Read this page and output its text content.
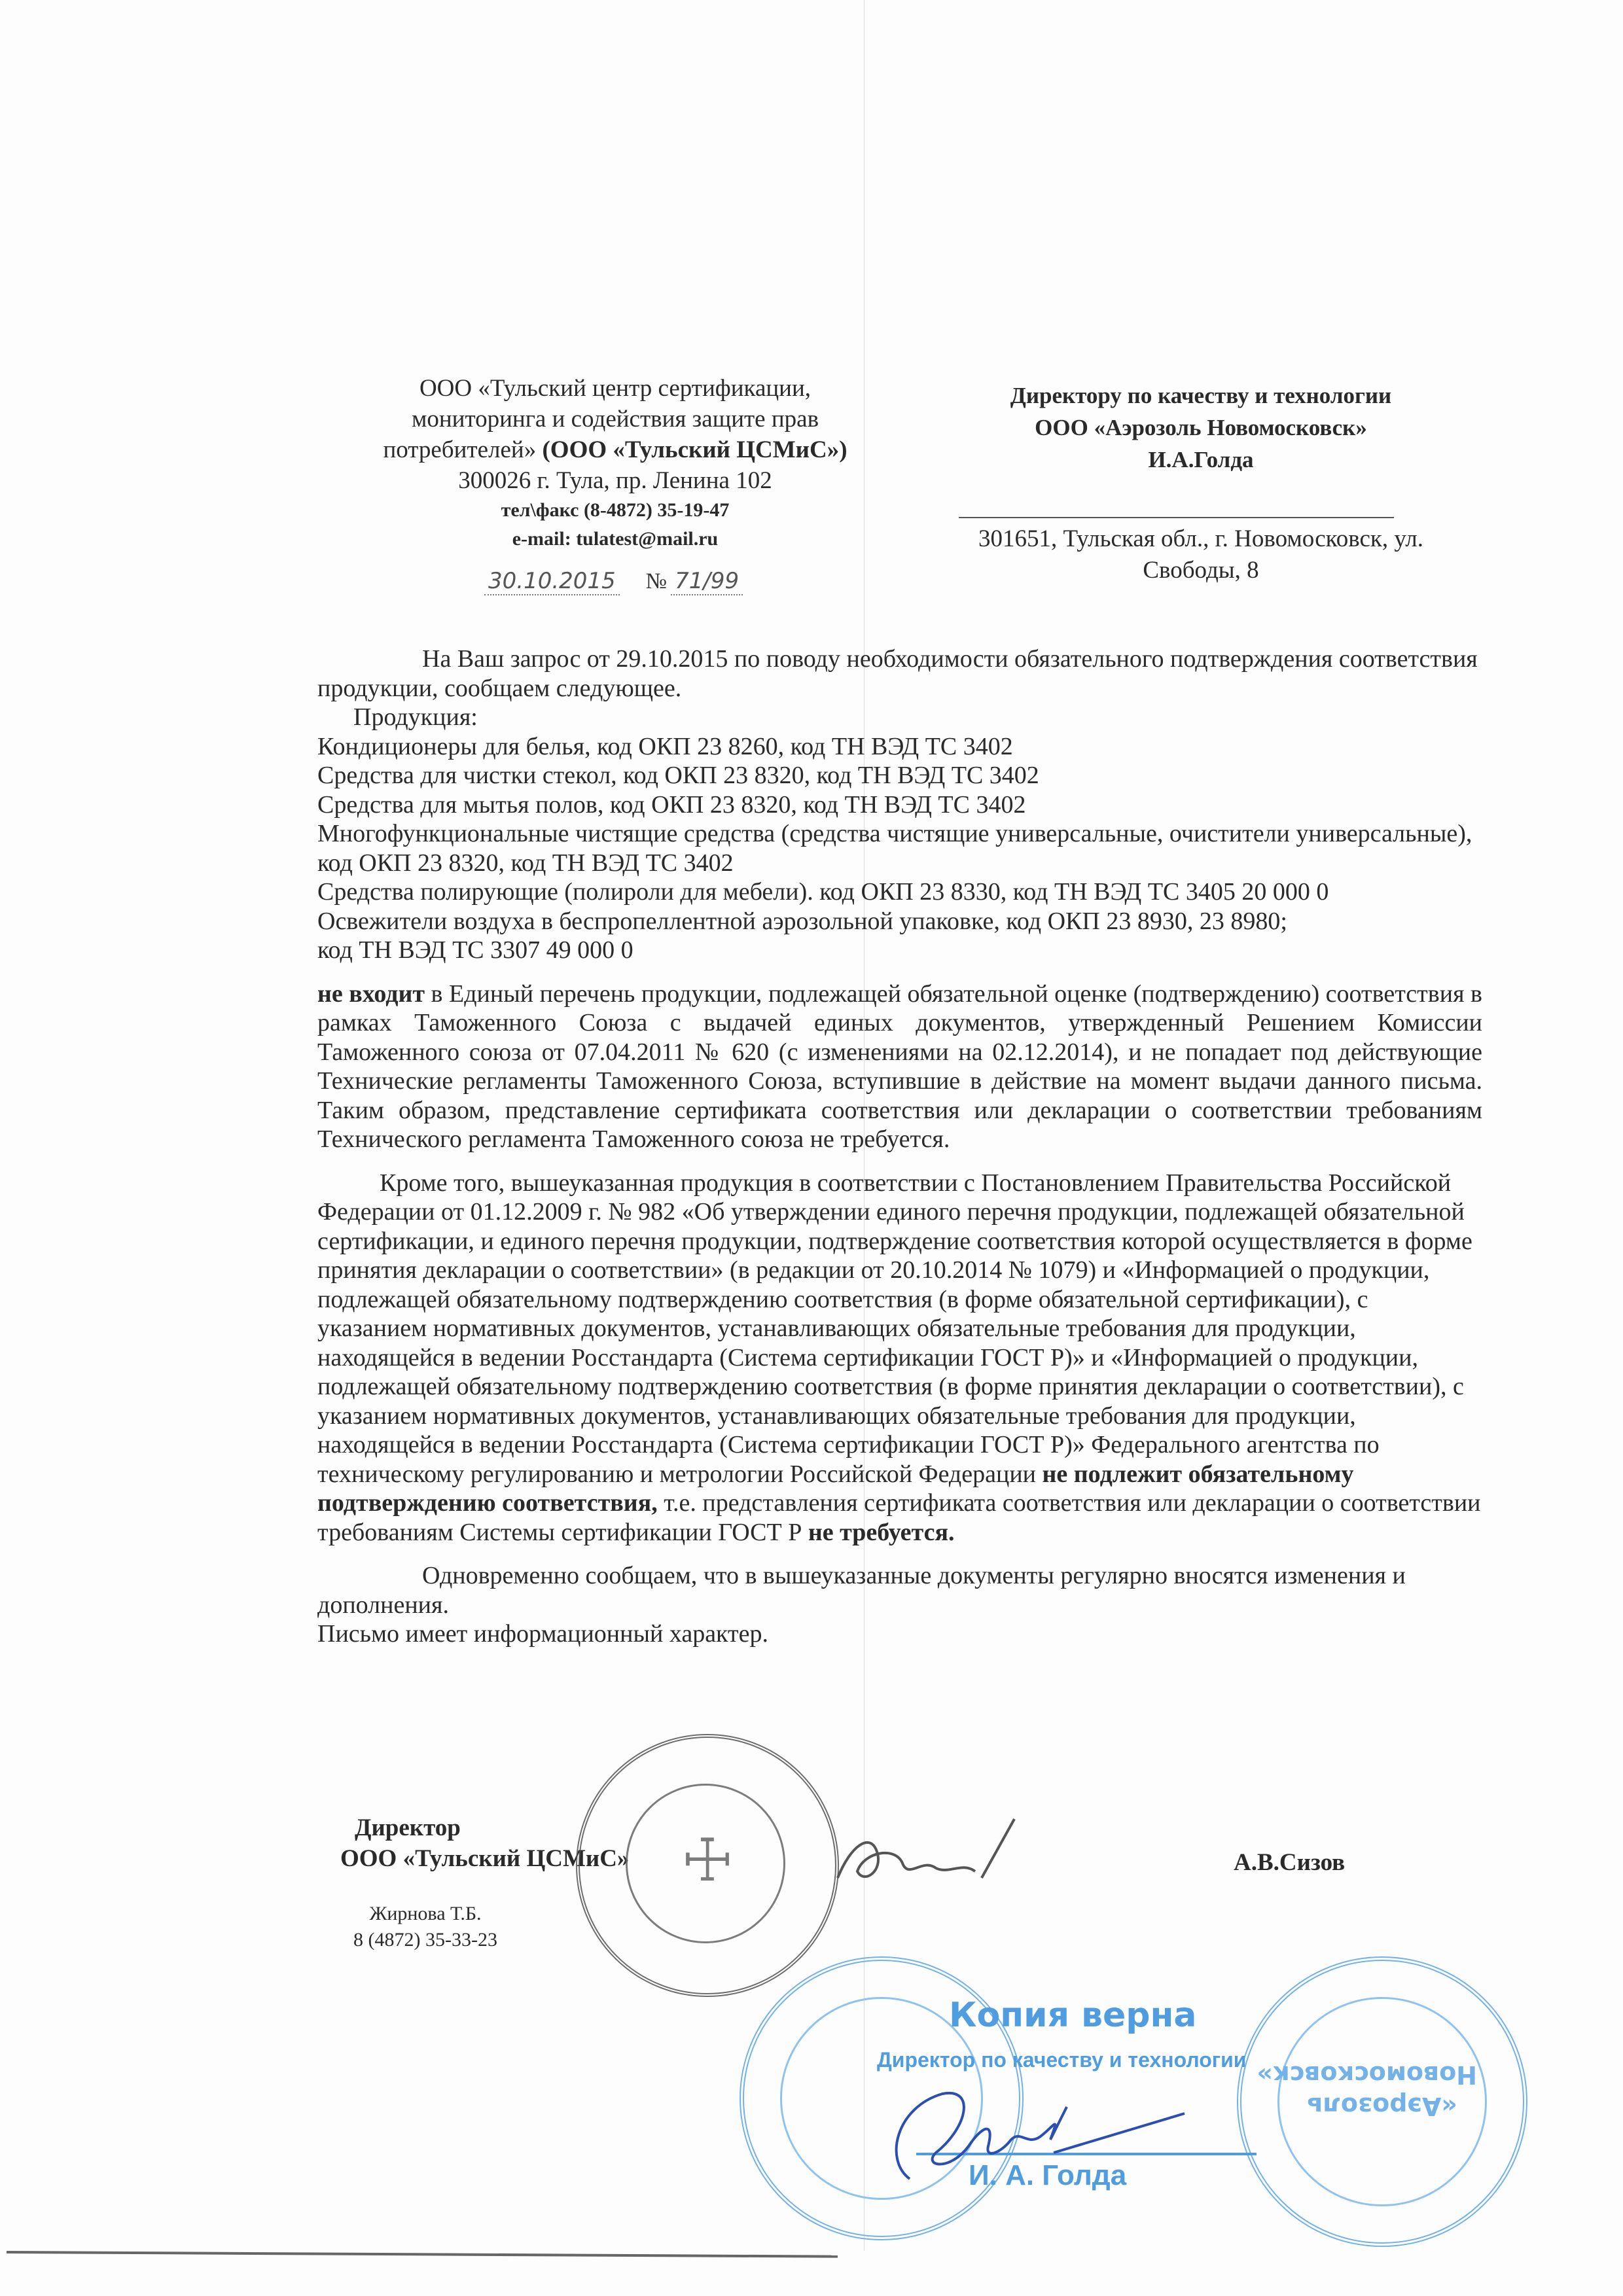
ООО «Тульский центр сертификации,
мониторинга и содействия защите прав
потребителей» (ООО «Тульский ЦСМиС»)
300026 г. Тула, пр. Ленина 102
тел\факс (8-4872) 35-19-47
e-mail: tulatest@mail.ru
30.10.2015 № 71/99
Директору по качеству и технологии
ООО «Аэрозоль Новомосковск»
И.А.Голда
301651, Тульская обл., г. Новомосковск, ул.
Свободы, 8

На Ваш запрос от 29.10.2015 по поводу необходимости обязательного подтверждения соответствия продукции, сообщаем следующее.

Продукция:

Кондиционеры для белья, код ОКП 23 8260, код ТН ВЭД ТС 3402

Средства для чистки стекол, код ОКП 23 8320, код ТН ВЭД ТС 3402

Средства для мытья полов, код ОКП 23 8320, код ТН ВЭД ТС 3402

Многофункциональные чистящие средства (средства чистящие универсальные, очистители универсальные), код ОКП 23 8320, код ТН ВЭД ТС 3402

Средства полирующие (полироли для мебели). код ОКП 23 8330, код ТН ВЭД ТС 3405 20 000 0

Освежители воздуха в беспропеллентной аэрозольной упаковке, код ОКП 23 8930, 23 8980;

код ТН ВЭД ТС 3307 49 000 0

не входит в Единый перечень продукции, подлежащей обязательной оценке (подтверждению) соответствия в рамках Таможенного Союза с выдачей единых документов, утвержденный Решением Комиссии Таможенного союза от 07.04.2011 № 620 (с изменениями на 02.12.2014), и не попадает под действующие Технические регламенты Таможенного Союза, вступившие в действие на момент выдачи данного письма. Таким образом, представление сертификата соответствия или декларации о соответствии требованиям Технического регламента Таможенного союза не требуется.

Кроме того, вышеуказанная продукция в соответствии с Постановлением Правительства Российской Федерации от 01.12.2009 г. № 982 «Об утверждении единого перечня продукции, подлежащей обязательной сертификации, и единого перечня продукции, подтверждение соответствия которой осуществляется в форме принятия декларации о соответствии» (в редакции от 20.10.2014 № 1079) и «Информацией о продукции, подлежащей обязательному подтверждению соответствия (в форме обязательной сертификации), с указанием нормативных документов, устанавливающих обязательные требования для продукции, находящейся в ведении Росстандарта (Система сертификации ГОСТ Р)» и «Информацией о продукции, подлежащей обязательному подтверждению соответствия (в форме принятия декларации о соответствии), с указанием нормативных документов, устанавливающих обязательные требования для продукции, находящейся в ведении Росстандарта (Система сертификации ГОСТ Р)» Федерального агентства по техническому регулированию и метрологии Российской Федерации не подлежит обязательному подтверждению соответствия, т.е. представления сертификата соответствия или декларации о соответствии требованиям Системы сертификации ГОСТ Р не требуется.

Одновременно сообщаем, что в вышеуказанные документы регулярно вносятся изменения и дополнения.

Письмо имеет информационный характер.

Директор
ООО «Тульский ЦСМиС»	А.В.Сизов
Жирнова Т.Б.
8 (4872) 35-33-23
☩
«Аэрозоль Новомосковск»
Копия верна
Директор по качеству и технологии
И. А. Голда
